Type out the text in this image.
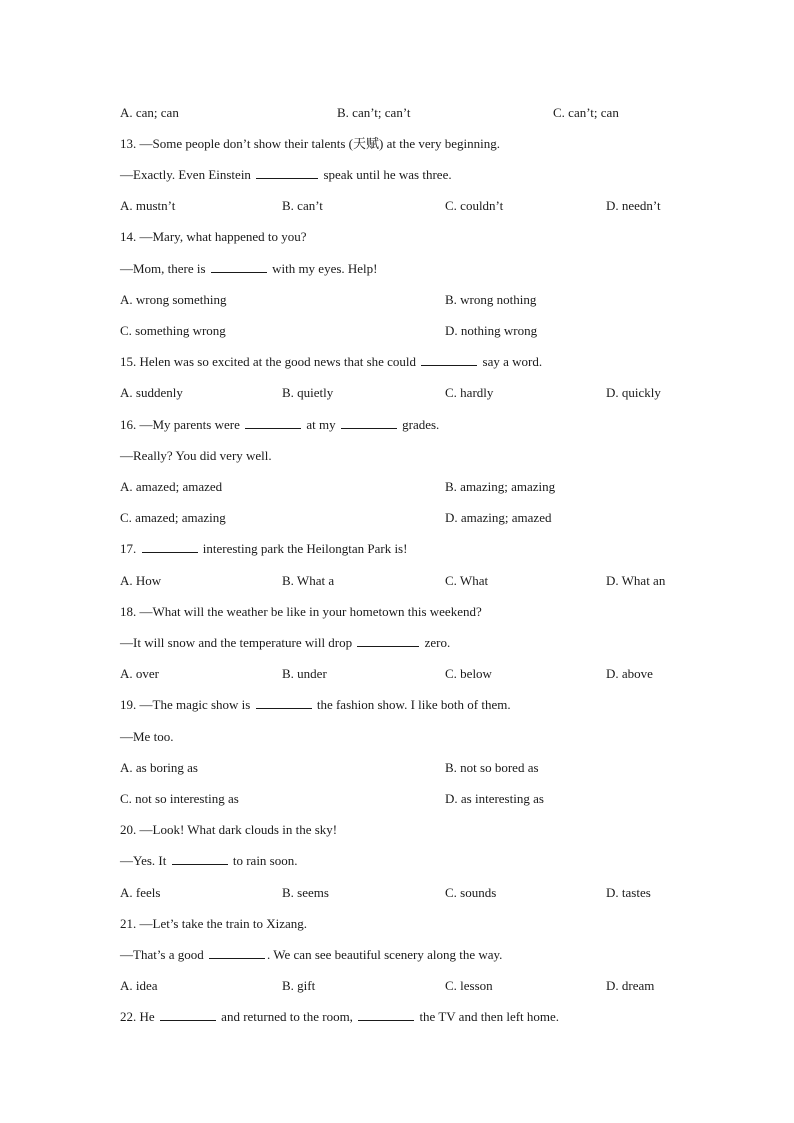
A. can; can	B. can’t; can’t	C. can’t; can
13. —Some people don’t show their talents (天赋) at the very beginning.
—Exactly. Even Einstein	speak until he was three.
A. mustn’t	B. can’t	C. couldn’t	D. needn’t
14. —Mary, what happened to you?
—Mom, there is	with my eyes. Help!
A. wrong something	B. wrong nothing
C. something wrong	D. nothing wrong
15. Helen was so excited at the good news that she could	say a word.
A. suddenly	B. quietly	C. hardly	D. quickly
16. —My parents were	at my	grades.
—Really? You did very well.
A. amazed; amazed	B. amazing; amazing
C. amazed; amazing	D. amazing; amazed
17.	interesting park the Heilongtan Park is!
A. How	B. What a	C. What	D. What an
18. —What will the weather be like in your hometown this weekend?
—It will snow and the temperature will drop	zero.
A. over	B. under	C. below	D. above
19. —The magic show is	the fashion show. I like both of them.
—Me too.
A. as boring as	B. not so bored as
C. not so interesting as	D. as interesting as
20. —Look! What dark clouds in the sky!
—Yes. It	to rain soon.
A. feels	B. seems	C. sounds	D. tastes
21. —Let’s take the train to Xizang.
—That’s a good	. We can see beautiful scenery along the way.
A. idea	B. gift	C. lesson	D. dream
22. He	and returned to the room,	the TV and then left home.
